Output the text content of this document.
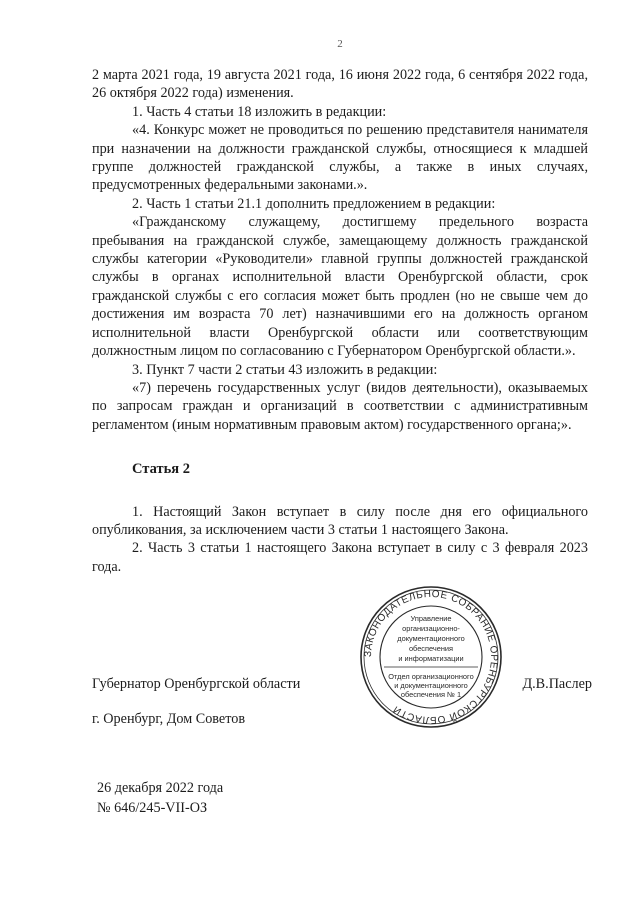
2

2 марта 2021 года, 19 августа 2021 года, 16 июня 2022 года, 6 сентября 2022 года, 26 октября 2022 года) изменения.

1. Часть 4 статьи 18 изложить в редакции:

«4. Конкурс может не проводиться по решению представителя нанимателя при назначении на должности гражданской службы, относящиеся к младшей группе должностей гражданской службы, а также в иных случаях, предусмотренных федеральными законами.».

2. Часть 1 статьи 21.1 дополнить предложением в редакции:

«Гражданскому служащему, достигшему предельного возраста пребывания на гражданской службе, замещающему должность гражданской службы категории «Руководители» главной группы должностей гражданской службы в органах исполнительной власти Оренбургской области, срок гражданской службы с его согласия может быть продлен (но не свыше чем до достижения им возраста 70 лет) назначившими его на должность органом исполнительной власти Оренбургской области или соответствующим должностным лицом по согласованию с Губернатором Оренбургской области.».

3. Пункт 7 части 2 статьи 43 изложить в редакции:

«7) перечень государственных услуг (видов деятельности), оказываемых по запросам граждан и организаций в соответствии с административным регламентом (иным нормативным правовым актом) государственного органа;».

Статья 2

1. Настоящий Закон вступает в силу после дня его официального опубликования, за исключением части 3 статьи 1 настоящего Закона.

2. Часть 3 статьи 1 настоящего Закона вступает в силу с 3 февраля 2023 года.

Губернатор Оренбургской области	Д.В.Паслер
г. Оренбург, Дом Советов
26 декабря 2022 года
№ 646/245-VII-ОЗ
ЗАКОНОДАТЕЛЬНОЕ СОБРАНИЕ ОРЕНБУРГСКОЙ ОБЛАСТИ
Управление
организационно-
документационного
обеспечения
и информатизации
Отдел организационного
и документационного
обеспечения № 1
